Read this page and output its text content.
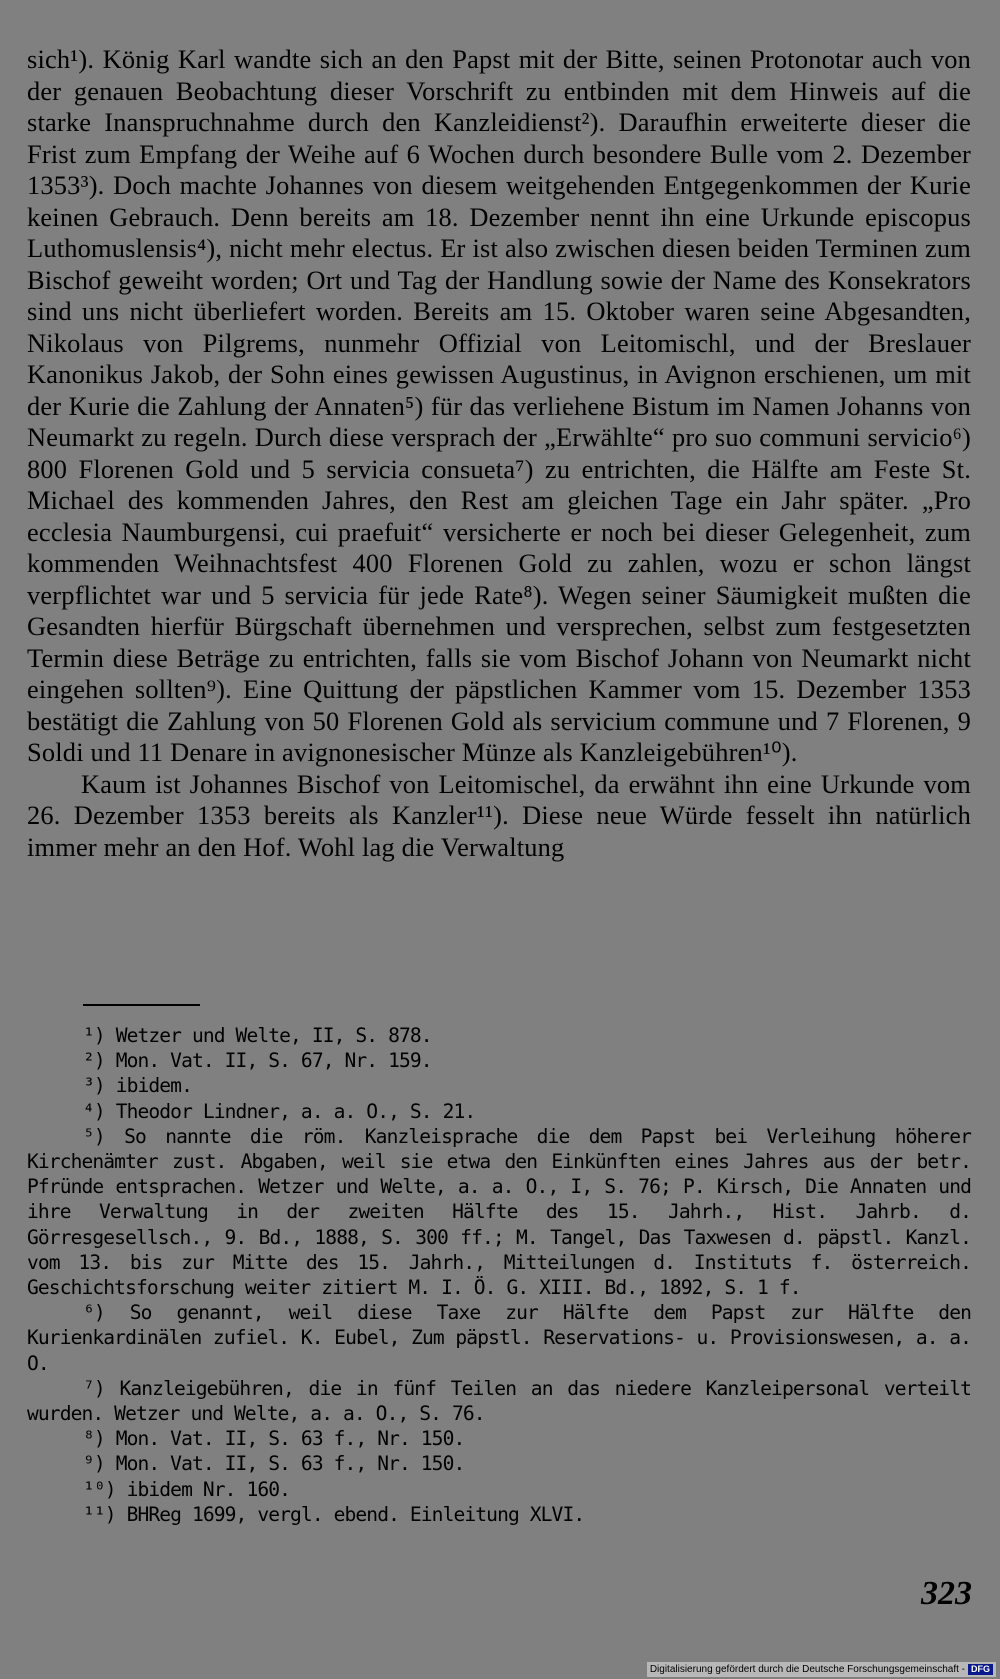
sich¹). König Karl wandte sich an den Papst mit der Bitte, seinen Protonotar auch von der genauen Beobachtung dieser Vorschrift zu entbinden mit dem Hinweis auf die starke Inanspruchnahme durch den Kanzleidienst²). Daraufhin erweiterte dieser die Frist zum Empfang der Weihe auf 6 Wochen durch besondere Bulle vom 2. Dezember 1353³). Doch machte Johannes von diesem weitgehenden Entgegenkommen der Kurie keinen Gebrauch. Denn bereits am 18. Dezember nennt ihn eine Urkunde episcopus Luthomuslensis⁴), nicht mehr electus. Er ist also zwischen diesen beiden Terminen zum Bischof geweiht worden; Ort und Tag der Handlung sowie der Name des Konsekrators sind uns nicht überliefert worden. Bereits am 15. Oktober waren seine Abgesandten, Nikolaus von Pilgrems, nunmehr Offizial von Leitomischl, und der Breslauer Kanonikus Jakob, der Sohn eines gewissen Augustinus, in Avignon erschienen, um mit der Kurie die Zahlung der Annaten⁵) für das verliehene Bistum im Namen Johanns von Neumarkt zu regeln. Durch diese versprach der „Erwählte“ pro suo communi servicio⁶) 800 Florenen Gold und 5 servicia consueta⁷) zu entrichten, die Hälfte am Feste St. Michael des kommenden Jahres, den Rest am gleichen Tage ein Jahr später. „Pro ecclesia Naumburgensi, cui praefuit“ versicherte er noch bei dieser Gelegenheit, zum kommenden Weihnachtsfest 400 Florenen Gold zu zahlen, wozu er schon längst verpflichtet war und 5 servicia für jede Rate⁸). Wegen seiner Säumigkeit mußten die Gesandten hierfür Bürgschaft übernehmen und versprechen, selbst zum festgesetzten Termin diese Beträge zu entrichten, falls sie vom Bischof Johann von Neumarkt nicht eingehen sollten⁹). Eine Quittung der päpstlichen Kammer vom 15. Dezember 1353 bestätigt die Zahlung von 50 Florenen Gold als servicium commune und 7 Florenen, 9 Soldi und 11 Denare in avignonesischer Münze als Kanzleigebühren¹⁰).

Kaum ist Johannes Bischof von Leitomischel, da erwähnt ihn eine Urkunde vom 26. Dezember 1353 bereits als Kanzler¹¹). Diese neue Würde fesselt ihn natürlich immer mehr an den Hof. Wohl lag die Verwaltung

¹) Wetzer und Welte, II, S. 878.

²) Mon. Vat. II, S. 67, Nr. 159.

³) ibidem.

⁴) Theodor Lindner, a. a. O., S. 21.

⁵) So nannte die röm. Kanzleisprache die dem Papst bei Verleihung höherer Kirchenämter zust. Abgaben, weil sie etwa den Einkünften eines Jahres aus der betr. Pfründe entsprachen. Wetzer und Welte, a. a. O., I, S. 76; P. Kirsch, Die Annaten und ihre Verwaltung in der zweiten Hälfte des 15. Jahrh., Hist. Jahrb. d. Görresgesellsch., 9. Bd., 1888, S. 300 ff.; M. Tangel, Das Taxwesen d. päpstl. Kanzl. vom 13. bis zur Mitte des 15. Jahrh., Mitteilungen d. Instituts f. österreich. Geschichtsforschung weiter zitiert M. I. Ö. G. XIII. Bd., 1892, S. 1 f.

⁶) So genannt, weil diese Taxe zur Hälfte dem Papst zur Hälfte den Kurienkardinälen zufiel. K. Eubel, Zum päpstl. Reservations- u. Provisionswesen, a. a. O.

⁷) Kanzleigebühren, die in fünf Teilen an das niedere Kanzleipersonal verteilt wurden. Wetzer und Welte, a. a. O., S. 76.

⁸) Mon. Vat. II, S. 63 f., Nr. 150.

⁹) Mon. Vat. II, S. 63 f., Nr. 150.

¹⁰) ibidem Nr. 160.

¹¹) BHReg 1699, vergl. ebend. Einleitung XLVI.

323
Digitalisierung gefördert durch die Deutsche Forschungsgemeinschaft - DFG
